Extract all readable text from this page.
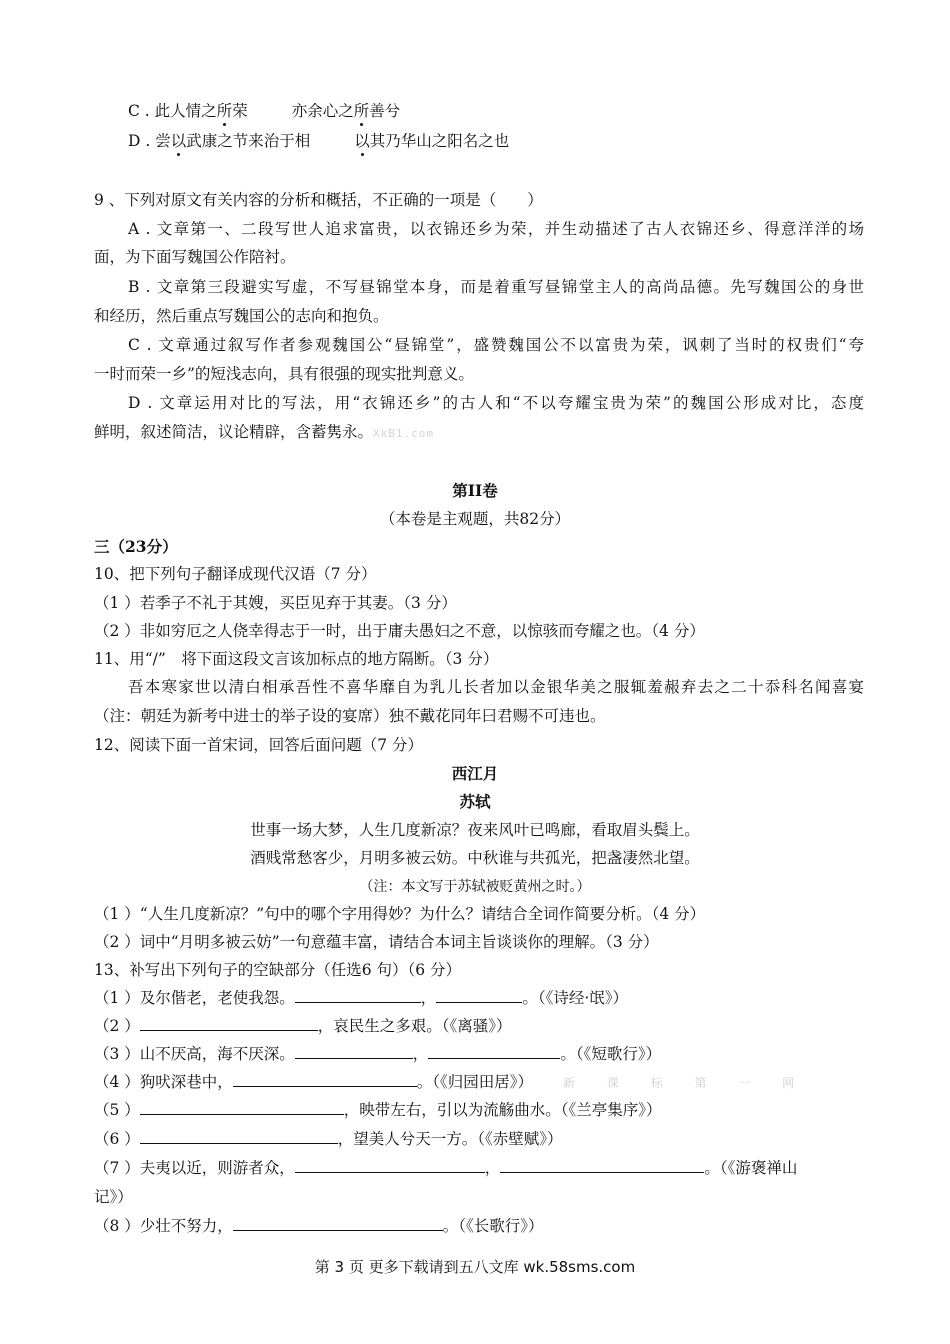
C . 此人情之所荣	亦余心之所善兮
D . 尝以武康之节来治于相	以其乃华山之阳名之也
9 、下列对原文有关内容的分析和概括，不正确的一项是（　　）
A . 文章第一、二段写世人追求富贵，以衣锦还乡为荣，并生动描述了古人衣锦还乡、得意洋洋的场
面，为下面写魏国公作陪衬。
B . 文章第三段避实写虚，不写昼锦堂本身，而是着重写昼锦堂主人的高尚品德。先写魏国公的身世
和经历，然后重点写魏国公的志向和抱负。
C . 文章通过叙写作者参观魏国公“昼锦堂”，盛赞魏国公不以富贵为荣，讽刺了当时的权贵们“夸
一时而荣一乡”的短浅志向，具有很强的现实批判意义。
D . 文章运用对比的写法，用“衣锦还乡”的古人和“不以夸耀宝贵为荣”的魏国公形成对比，态度
鲜明，叙述简洁，议论精辟，含蓄隽永。XkB1.com
第II卷
（本卷是主观题，共82分）
三（23分）
10、把下列句子翻译成现代汉语（7 分）
（1 ）若季子不礼于其嫂，买臣见弃于其妻。（3 分）
（2 ）非如穷厄之人侥幸得志于一时，出于庸夫愚妇之不意，以惊骇而夸耀之也。（4 分）
11、用“/”　将下面这段文言该加标点的地方隔断。（3 分）
吾本寒家世以清白相承吾性不喜华靡自为乳儿长者加以金银华美之服辄羞赧弃去之二十忝科名闻喜宴
（注：朝廷为新考中进士的举子设的宴席）独不戴花同年曰君赐不可违也。
12、阅读下面一首宋词，回答后面问题（7 分）
西江月
苏轼
世事一场大梦，人生几度新凉？夜来风叶已鸣廊，看取眉头鬓上。
酒贱常愁客少，月明多被云妨。中秋谁与共孤光，把盏凄然北望。
（注：本文写于苏轼被贬黄州之时。）
（1 ）“人生几度新凉？”句中的哪个字用得妙？为什么？请结合全词作简要分析。（4 分）
（2 ）词中“月明多被云妨”一句意蕴丰富，请结合本词主旨谈谈你的理解。（3 分）
13、补写出下列句子的空缺部分（任选6 句）（6 分）
（1 ）及尔偕老，老使我怨。	，	。（《诗经·氓》）
（2 ）	，哀民生之多艰。（《离骚》）
（3 ）山不厌高，海不厌深。	，	。（《短歌行》）
（4 ）狗吠深巷中，	。（《归园田居》）	新 课 标 第 一 网
（5 ）	，映带左右，引以为流觞曲水。（《兰亭集序》）
（6 ）	，望美人兮天一方。（《赤壁赋》）
（7 ）夫夷以近，则游者众，	，	。（《游褒禅山
记》）
（8 ）少壮不努力，	。（《长歌行》）
第 3 页 更多下载请到五八文库 wk.58sms.com
